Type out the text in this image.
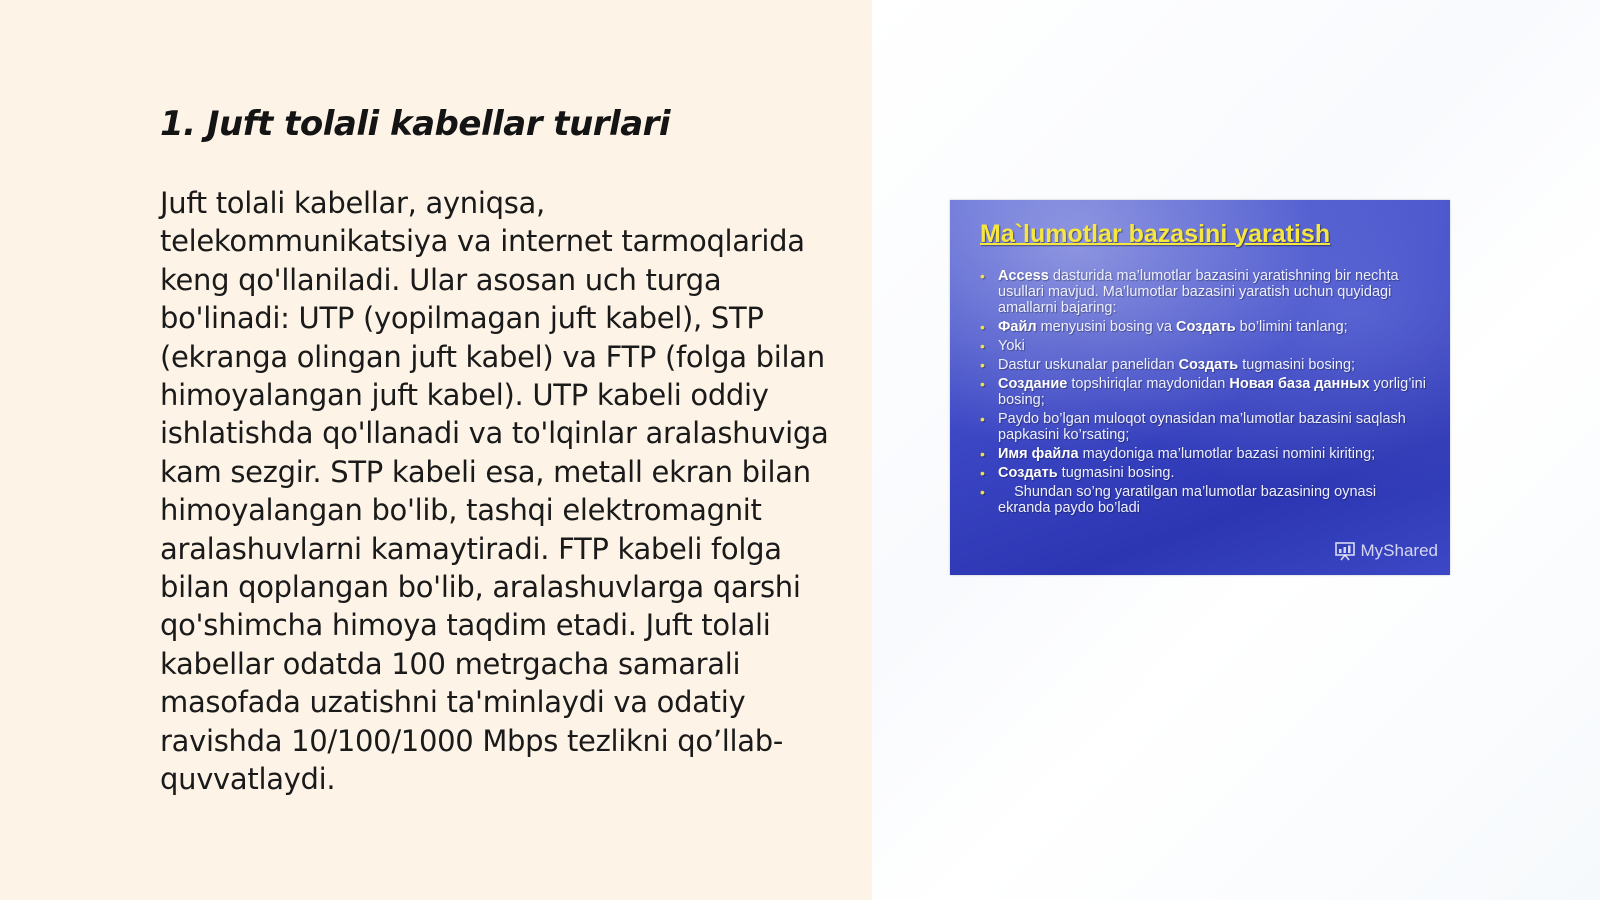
1. Juft tolali kabellar turlari

Juft tolali kabellar, ayniqsa, telekommunikatsiya va internet tarmoqlarida keng qo'llaniladi. Ular asosan uch turga bo'linadi: UTP (yopilmagan juft kabel), STP (ekranga olingan juft kabel) va FTP (folga bilan himoyalangan juft kabel). UTP kabeli oddiy ishlatishda qo'llanadi va to'lqinlar aralashuviga kam sezgir. STP kabeli esa, metall ekran bilan himoyalangan bo'lib, tashqi elektromagnit aralashuvlarni kamaytiradi. FTP kabeli folga bilan qoplangan bo'lib, aralashuvlarga qarshi qo'shimcha himoya taqdim etadi. Juft tolali kabellar odatda 100 metrgacha samarali masofada uzatishni ta'minlaydi va odatiy ravishda 10/100/1000 Mbps tezlikni qo’llab-quvvatlaydi.

Ma`lumotlar bazasini yaratish
• Access dasturida ma’lumotlar bazasini yaratishning bir nechta usullari mavjud. Ma’lumotlar bazasini yaratish uchun quyidagi amallarni bajaring:
• Файл menyusini bosing va Создать bo’limini tanlang;
• Yoki
• Dastur uskunalar panelidan Создать tugmasini bosing;
• Создание topshiriqlar maydonidan Новая база данных yorlig’ini bosing;
• Paydo bo’lgan muloqot oynasidan ma’lumotlar bazasini saqlash papkasini ko’rsating;
• Имя файла maydoniga ma’lumotlar bazasi nomini kiriting;
• Создать tugmasini bosing.
• Shundan so’ng yaratilgan ma’lumotlar bazasining oynasi ekranda paydo bo’ladi
MyShared
